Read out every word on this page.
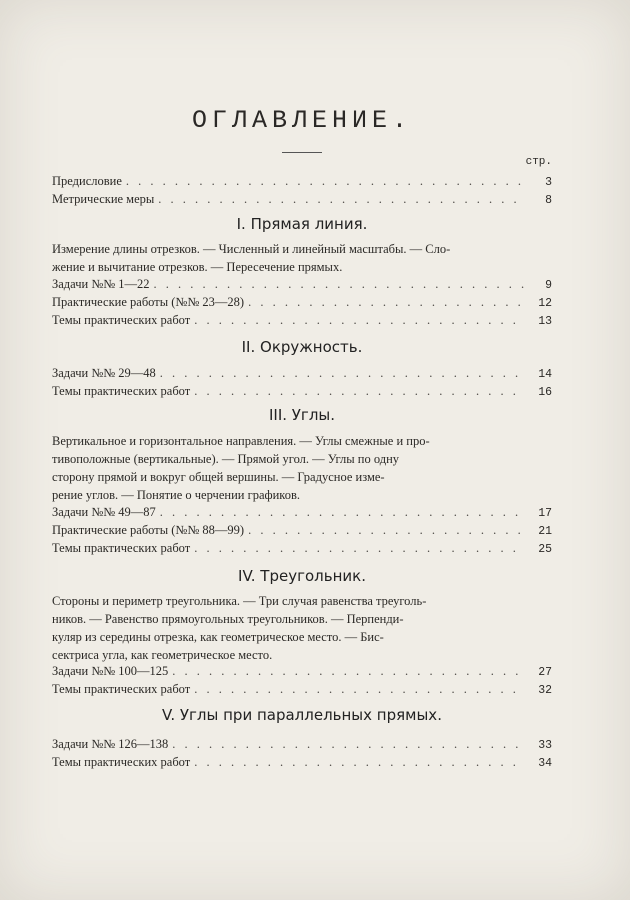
ОГЛАВЛЕНИЕ.
стр.
Предисловие . . .	3
Метрические меры . . .	8
I. Прямая линия.
Измерение длины отрезков. — Численный и линейный масштабы. — Сло-
жение и вычитание отрезков. — Пересечение прямых.
Задачи №№ 1—22 . . .	9
Практические работы (№№ 23—28) . . .	12
Темы практических работ . . .	13
II. Окружность.
Задачи №№ 29—48 . . .	14
Темы практических работ . . .	16
III. Углы.
Вертикальное и горизонтальное направления. — Углы смежные и про-
тивоположные (вертикальные). — Прямой угол. — Углы по одну
сторону прямой и вокруг общей вершины. — Градусное изме-
рение углов. — Понятие о черчении графиков.
Задачи №№ 49—87 . . .	17
Практические работы (№№ 88—99) . . .	21
Темы практических работ . . .	25
IV. Треугольник.
Стороны и периметр треугольника. — Три случая равенства треуголь-
ников. — Равенство прямоугольных треугольников. — Перпенди-
куляр из середины отрезка, как геометрическое место. — Бис-
сектриса угла, как геометрическое место.
Задачи №№ 100—125 . . .	27
Темы практических работ . . .	32
V. Углы при параллельных прямых.
Задачи №№ 126—138 . . .	33
Темы практических работ . . .	34
